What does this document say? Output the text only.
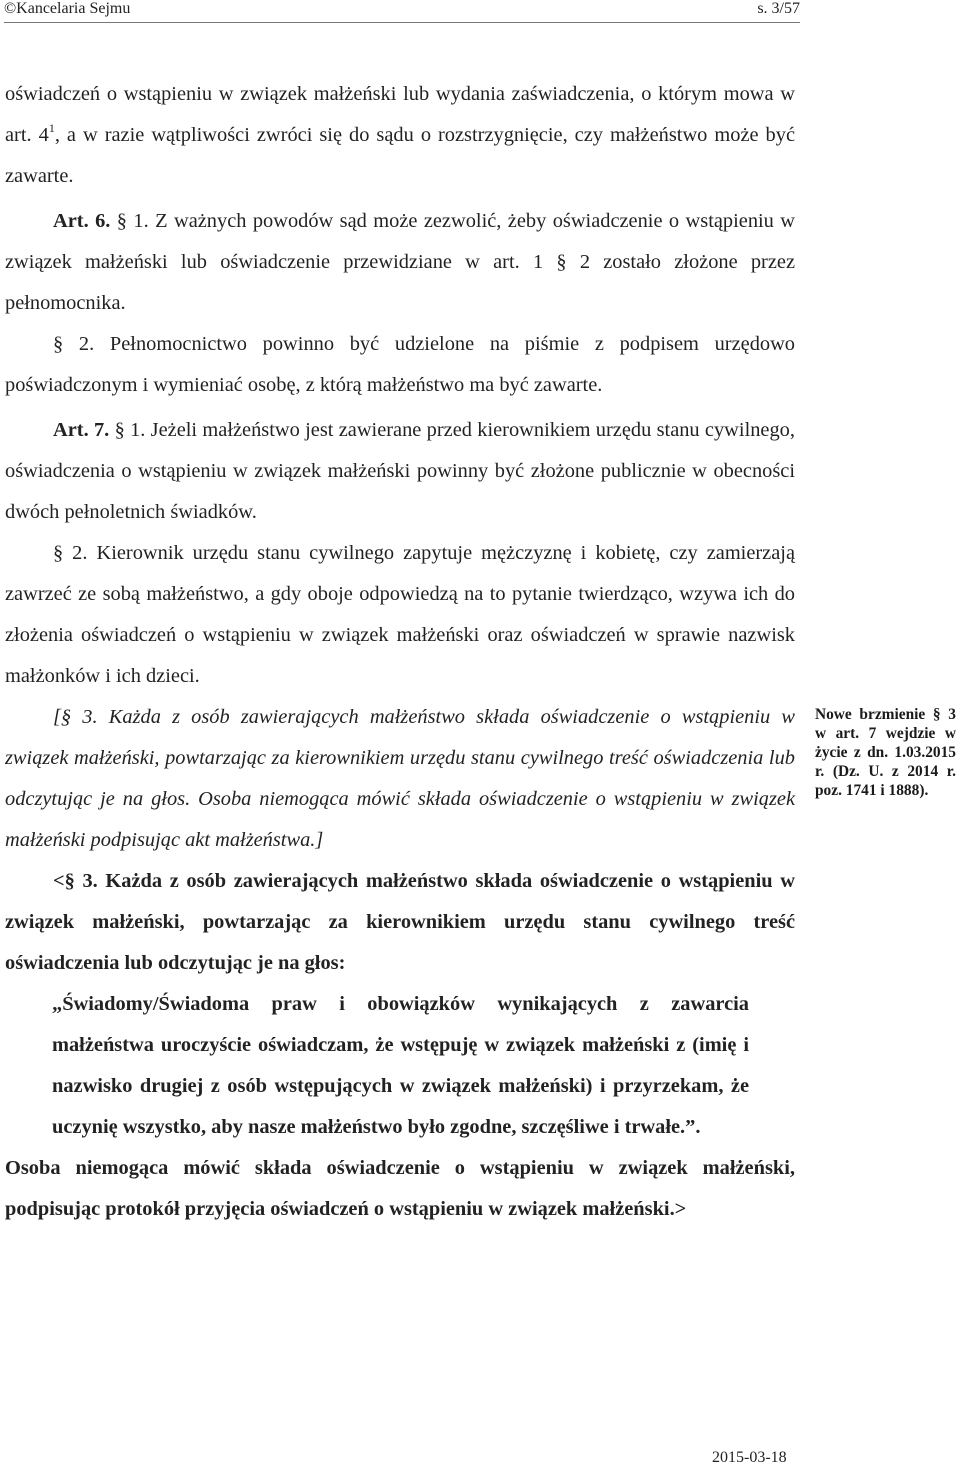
©Kancelaria Sejmu	s. 3/57

oświadczeń o wstąpieniu w związek małżeński lub wydania zaświadczenia, o którym mowa w art. $4^1$, a w razie wątpliwości zwróci się do sądu o rozstrzygnięcie, czy małżeństwo może być zawarte.

Art. 6. § 1. Z ważnych powodów sąd może zezwolić, żeby oświadczenie o wstąpieniu w związek małżeński lub oświadczenie przewidziane w art. 1 § 2 zostało złożone przez pełnomocnika.

§ 2. Pełnomocnictwo powinno być udzielone na piśmie z podpisem urzędowo poświadczonym i wymieniać osobę, z którą małżeństwo ma być zawarte.

Art. 7. § 1. Jeżeli małżeństwo jest zawierane przed kierownikiem urzędu stanu cywilnego, oświadczenia o wstąpieniu w związek małżeński powinny być złożone publicznie w obecności dwóch pełnoletnich świadków.

§ 2. Kierownik urzędu stanu cywilnego zapytuje mężczyznę i kobietę, czy zamierzają zawrzeć ze sobą małżeństwo, a gdy oboje odpowiedzą na to pytanie twierdząco, wzywa ich do złożenia oświadczeń o wstąpieniu w związek małżeński oraz oświadczeń w sprawie nazwisk małżonków i ich dzieci.

[§ 3. Każda z osób zawierających małżeństwo składa oświadczenie o wstąpieniu w związek małżeński, powtarzając za kierownikiem urzędu stanu cywilnego treść oświadczenia lub odczytując je na głos. Osoba niemogąca mówić składa oświadczenie o wstąpieniu w związek małżeński podpisując akt małżeństwa.]

<§ 3. Każda z osób zawierających małżeństwo składa oświadczenie o wstąpieniu w związek małżeński, powtarzając za kierownikiem urzędu stanu cywilnego treść oświadczenia lub odczytując je na głos:

„Świadomy/Świadoma praw i obowiązków wynikających z zawarcia małżeństwa uroczyście oświadczam, że wstępuję w związek małżeński z (imię i nazwisko drugiej z osób wstępujących w związek małżeński) i przyrzekam, że uczynię wszystko, aby nasze małżeństwo było zgodne, szczęśliwe i trwałe.”.

Osoba niemogąca mówić składa oświadczenie o wstąpieniu w związek małżeński, podpisując protokół przyjęcia oświadczeń o wstąpieniu w związek małżeński.>

Nowe brzmienie § 3 w art. 7 wejdzie w życie z dn. 1.03.2015 r. (Dz. U. z 2014 r. poz. 1741 i 1888).
2015-03-18
